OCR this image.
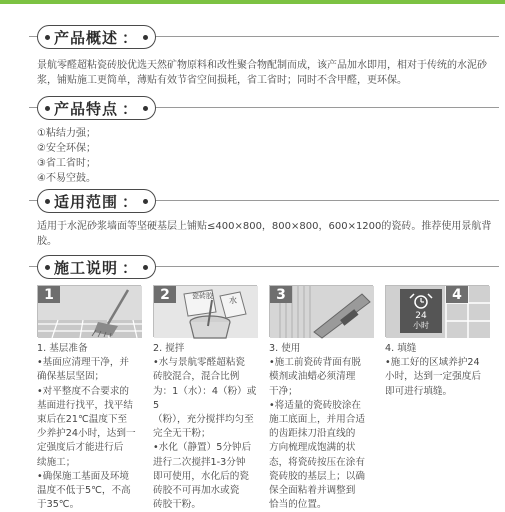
产品概述 ：
景航零醛超粘瓷砖胶优选天然矿物原料和改性聚合物配制而成，该产品加水即用，相对于传统的水泥砂浆，铺贴施工更简单，薄贴有效节省空间损耗，省工省时；同时不含甲醛，更环保。
产品特点 ：
①粘结力强；
②安全环保；
③省工省时；
④不易空鼓。
适用范围 ：
适用于水泥砂浆墙面等坚硬基层上铺贴≤400×800，800×800，600×1200的瓷砖。推荐使用景航背胶。
施工说明 ：
1
1. 基层准备
•基面应清理干净，并
确保基层坚固；
•对平整度不合要求的
基面进行找平，找平结
束后在21℃温度下至
少养护24小时，达到一
定强度后才能进行后
续施工；
•确保施工基面及环境
温度不低于5℃，不高
于35℃。
瓷砖胶 水
2
2. 搅拌
•水与景航零醛超粘瓷
砖胶混合，混合比例
为：1（水）：4（粉）或5
（粉），充分搅拌均匀至
完全无干粉；
•水化（静置）5分钟后
进行二次搅拌1-3分钟
即可使用，水化后的瓷
砖胶不可再加水或瓷
砖胶干粉。
3
3. 使用
•施工前瓷砖背面有脱
模剂或油蜡必须清理
干净；
•将适量的瓷砖胶涂在
施工底面上，并用合适
的齿距抹刀沿直线的
方向梳理成饱满的状
态，将瓷砖按压在涂有
瓷砖胶的基层上；以确
保全面粘着并调整到
恰当的位置。
24
小时
4
4. 填缝
•施工好的区域养护24
小时，达到一定强度后
即可进行填缝。
